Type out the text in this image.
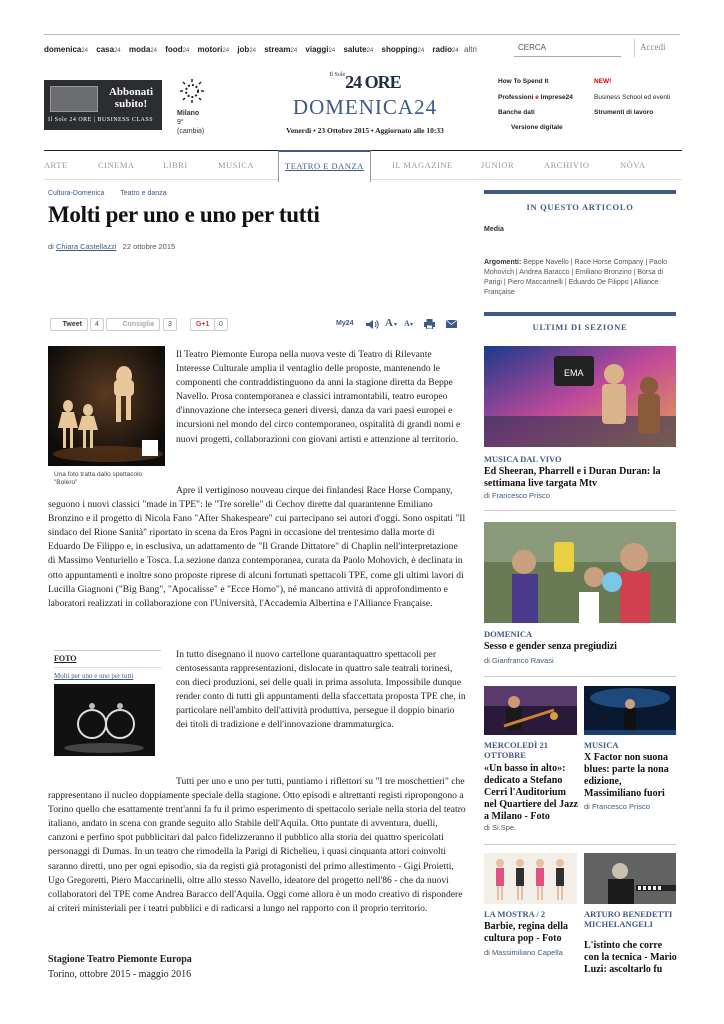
domenica24 casa24 moda24 food24 motori24 job24 stream24 viaggi24 salute24 shopping24 radio24 altri	CERCA	Accedi
Abbonati subito!
Il Sole 24 ORE | BUSINESS CLASS
Milano
9°
(cambia)
$^{Il Sole}$24 ORE
DOMENICA24
Venerdì • 23 Ottobre 2015 • Aggiornato alle 10:33
How To Spend It	NEW!
Professioni e Imprese24	Business School ed eventi
Banche dati	Strumenti di lavoro
Versione digitale
ARTE	CINEMA	LIBRI	MUSICA	TEATRO E DANZA	IL MAGAZINE	JUNIOR	ARCHIVIO	NÒVA
Cultura-Domenica Teatro e danza
Molti per uno e uno per tutti
di Chiara Castellazzi 22 ottobre 2015
Tweet	4	Consiglia	3	G+1	0	My24	A ▾ A ▾
Una foto tratta dallo spettacolo "Bolero"

Il Teatro Piemonte Europa nella nuova veste di Teatro di Rilevante Interesse Culturale amplia il ventaglio delle proposte, mantenendo le componenti che contraddistinguono da anni la stagione diretta da Beppe Navello. Prosa contemporanea e classici intramontabili, teatro europeo d'innovazione che interseca generi diversi, danza da vari paesi europei e incursioni nel mondo del circo contemporaneo, ospitalità di grandi nomi e nuovi progetti, collaborazioni con giovani artisti e attenzione al territorio.

Apre il vertiginoso nouveau cirque dei finlandesi Race Horse Company, seguono i nuovi classici "made in TPE": le "Tre sorelle" di Cechov dirette dal quarantenne Emiliano Bronzino e il progetto di Nicola Fano "After Shakespeare" cui partecipano sei autori d'oggi. Sono ospitati "Il sindaco del Rione Sanità" riportato in scena da Eros Pagni in occasione del trentesimo dalla morte di Eduardo De Filippo e, in esclusiva, un adattamento de "Il Grande Dittatore" di Chaplin nell'interpretazione di Massimo Venturiello e Tosca. La sezione danza contemporanea, curata da Paolo Mohovich, è declinata in otto appuntamenti e inoltre sono proposte riprese di alcuni fortunati spettacoli TPE, come gli ultimi lavori di Lucilla Giagnoni ("Big Bang", "Apocalisse" e "Ecce Homo"), né mancano attività di approfondimento e laboratori realizzati in collaborazione con l'Università, l'Accademia Albertina e l'Alliance Française.

FOTO
Molti per uno e uno per tutti

In tutto disegnano il nuovo cartellone quarantaquattro spettacoli per centosessanta rappresentazioni, dislocate in quattro sale teatrali torinesi, con dieci produzioni, sei delle quali in prima assoluta. Impossibile dunque render conto di tutti gli appuntamenti della sfaccettata proposta TPE che, in particolare nell'ambito dell'attività produttiva, persegue il doppio binario dei titoli di tradizione e dell'innovazione drammaturgica.

Tutti per uno e uno per tutti, puntiamo i riflettori su "I tre moschettieri" che rappresentano il nucleo doppiamente speciale della stagione. Otto episodi e altrettanti registi ripropongono a Torino quello che esattamente trent'anni fa fu il primo esperimento di spettacolo seriale nella storia del teatro italiano, andato in scena con grande seguito allo Stabile dell'Aquila. Otto puntate di avventura, duelli, canzoni e perfino spot pubblicitari dal palco fidelizzeranno il pubblico alla storia dei quattro spericolati personaggi di Dumas. In un teatro che rimodella la Parigi di Richelieu, i quasi cinquanta attori coinvolti saranno diretti, uno per ogni episodio, sia da registi già protagonisti del primo allestimento - Gigi Proietti, Ugo Gregoretti, Piero Maccarinelli, oltre allo stesso Navello, ideatore del progetto nell'86 - che da nuovi collaboratori del TPE come Andrea Baracco dell'Aquila. Oggi come allora è un modo creativo di rispondere ai criteri ministeriali per i teatri pubblici e di radicarsi a lungo nel rapporto con il proprio territorio.

Stagione Teatro Piemonte Europa
Torino, ottobre 2015 - maggio 2016
IN QUESTO ARTICOLO
Media
Argomenti: Beppe Navello | Race Horse Company | Paolo Mohovich | Andrea Baracco | Emiliano Bronzino | Borsa di Parigi | Piero Maccarinelli | Eduardo De Filippo | Alliance Française
ULTIMI DI SEZIONE
EMA
MUSICA DAL VIVO
Ed Sheeran, Pharrell e i Duran Duran: la settimana live targata Mtv
di Francesco Prisco
DOMENICA
Sesso e gender senza pregiudizi
di Gianfranco Ravasi
MERCOLEDÌ 21 OTTOBRE
«Un basso in alto»: dedicato a Stefano Cerri l'Auditorium nel Quartiere del Jazz a Milano - Foto
di Si.Spe.
MUSICA
X Factor non suona blues: parte la nona edizione, Massimiliano fuori
di Francesco Prisco
LA MOSTRA / 2
Barbie, regina della cultura pop - Foto
di Massimiliano Capella
ARTURO BENEDETTI MICHELANGELI
L'istinto che corre con la tecnica - Mario Luzi: ascoltarlo fu
